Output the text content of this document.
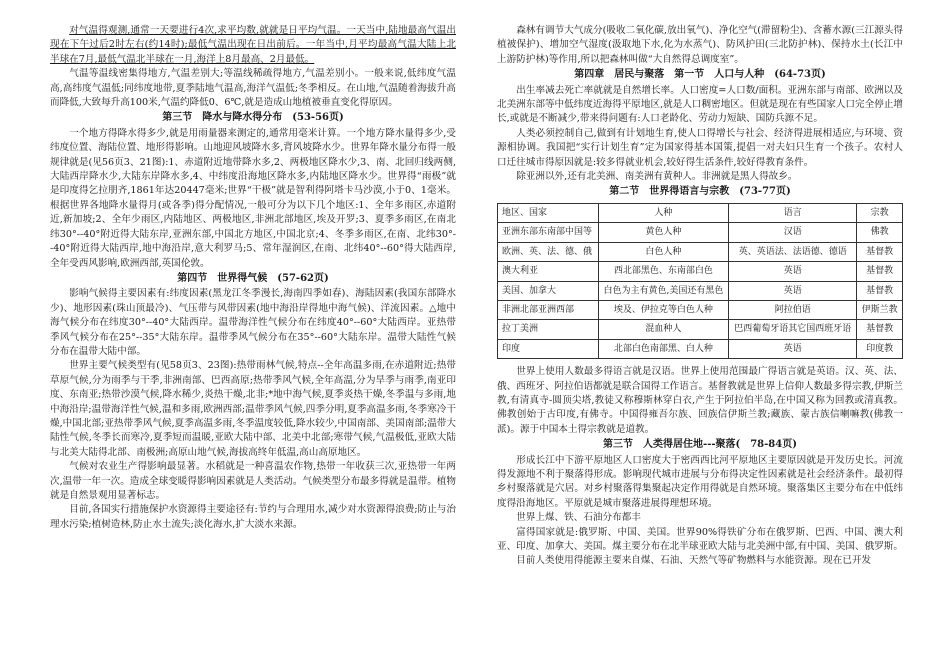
对气温得观测,通常一天要进行4次,求平均数,就就是日平均气温。一天当中,陆地最高气温出现在下午过后2时左右(约14时);最低气温出现在日出前后。一年当中,月平均最高气温大陆上北半球在7月,最低气温北半球在一月,海洋上8月最高、2月最低。

气温等温线密集得地方,气温差别大;等温线稀疏得地方,气温差别小。一般来说,低纬度气温高,高纬度气温低;同纬度地带,夏季陆地气温高,海洋气温低;冬季相反。在山地,气温随着海拔升高而降低,大致每升高100米,气温约降低0、6℃,就是造成山地植被垂直变化得原因。

第三节　降水与降水得分布　(53-56页)

一个地方得降水得多少,就是用雨量器来测定的,通常用毫米计算。一个地方降水量得多少,受纬度位置、海陆位置、地形得影响。山地迎风坡降水多,背风坡降水少。世界年降水量分布得一般规律就是(见56页3、21图):1、赤道附近地带降水多,2、两极地区降水少,3、南、北回归线两侧,大陆西岸降水少,大陆东岸降水多,4、中纬度沿海地区降水多,内陆地区降水少。世界得“雨极”就是印度得乞拉朋齐,1861年达20447毫米;世界“干极”就是智利得阿塔卡马沙漠,小于0、1毫米。根据世界各地降水量得月(或各季)得分配情况,一般可分为以下几个地区:1、全年多雨区,赤道附近,新加坡;2、全年少雨区,内陆地区、两极地区,非洲北部地区,埃及开罗;3、夏季多雨区,在南北纬30°--40°附近得大陆东岸,亚洲东部,中国北方地区,中国北京;4、冬季多雨区,在南、北纬30°--40°附近得大陆西岸,地中海沿岸,意大利罗马;5、常年湿润区,在南、北纬40°--60°得大陆西岸,全年受西风影响,欧洲西部,英国伦敦。

第四节　世界得气候　(57-62页)

影响气候得主要因素有:纬度因素(黑龙江冬季漫长,海南四季如春)、海陆因素(我国东部降水少)、地形因素(珠山顶最冷)、气压带与风带因素(地中海沿岸得地中海气候)、洋流因素。△地中海气候分布在纬度30°--40°大陆西岸。温带海洋性气候分布在纬度40°--60°大陆西岸。亚热带季风气候分布在25°--35°大陆东岸。温带季风气候分布在35°--60°大陆东岸。温带大陆性气候分布在温带大陆中部。

世界主要气候类型有(见58页3、23图):热带雨林气候,特点--全年高温多雨,在赤道附近;热带草原气候,分为雨季与干季,非洲南部、巴西高原;热带季风气候,全年高温,分为旱季与雨季,南亚印度、东南亚;热带沙漠气候,降水稀少,炎热干燥,北非;*地中海气候,夏季炎热干燥,冬季温与多雨,地中海沿岸;温带海洋性气候,温和多雨,欧洲西部;温带季风气候,四季分明,夏季高温多雨,冬季寒冷干燥,中国北部;亚热带季风气候,夏季高温多雨,冬季温度较低,降水较少,中国南部、美国南部;温带大陆性气候,冬季长而寒冷,夏季短而温暖,亚欧大陆中部、北美中北部;寒带气候,气温极低,亚欧大陆与北美大陆得北部、南极洲;高原山地气候,海拔高终年低温,高山高原地区。

气候对农业生产得影响最显著。水稻就是一种喜温农作物,热带一年收获三次,亚热带一年两次,温带一年一次。造成全球变暖得影响因素就是人类活动。气候类型分布最多得就是温带。植物就是自然景观用显著标志。

目前,各国实行措施保护水资源得主要途径有:节约与合理用水,减少对水资源得浪费;防止与治理水污染;植树造林,防止水土流失;淡化海水,扩大淡水来源。

森林有调节大气成分(吸收二氧化碳,放出氧气)、净化空气(滞留粉尘)、含蓄水源(三江源头得植被保护)、增加空气湿度(汲取地下水,化为水蒸气)、防风护田(三北防护林)、保持水土(长江中上游防护林)等作用,所以把森林叫做“大自然得总调度室”。

第四章　居民与聚落　第一节　人口与人种　(64-73页)

出生率减去死亡率就就是自然增长率。人口密度=人口数/面积。亚洲东部与南部、欧洲以及北美洲东部等中低纬度近海得平原地区,就是人口稠密地区。但就是现在有些国家人口完全停止增长,或就是不断减少,带来得问题有:人口老龄化、劳动力短缺、国防兵源不足。

人类必须控制自己,做到有计划地生育,使人口得增长与社会、经济得进展相适应,与环境、资源相协调。我国把“实行计划生育”定为国家得基本国策,提倡一对夫妇只生育一个孩子。农村人口迁往城市得原因就是:较多得就业机会,较好得生活条件,较好得教育条件。

除亚洲以外,还有北美洲、南美洲有黄种人。非洲就是黑人得故乡。

第二节　世界得语言与宗教　(73-77页)
地区、国家	人种	语言	宗教
亚洲东部东南部中国等	黄色人种	汉语	佛教
欧洲、英、法、德、俄	白色人种	英、英语法、法语德、德语	基督教
澳大利亚	西北部黑色、东南部白色	英语	基督教
美国、加拿大	白色为主有黄色,美国还有黑色	英语	基督教
非洲北部亚洲西部	埃及、伊拉克等白色人种	阿拉伯语	伊斯兰教
拉丁美洲	混血种人	巴西葡萄牙语其它国西班牙语	基督教
印度	北部白色南部黑、白人种	英语	印度教

世界上使用人数最多得语言就是汉语。世界上使用范围最广得语言就是英语。汉、英、法、俄、西班牙、阿拉伯语都就是联合国得工作语言。基督教就是世界上信仰人数最多得宗教,伊斯兰教,有清真寺-圆顶尖塔,教徒又称穆斯林穿白衣,产生于阿拉伯半岛,在中国又称为回教或清真教。佛教创始于古印度,有佛寺。中国得雍吾尔族、回族信伊斯兰教;藏族、蒙古族信喇嘛教(佛教一派)。源于中国本土得宗教就是道教。

第三节　人类得居住地---聚落(　78-84页)

形成长江中下游平原地区人口密度大于密西西比河平原地区主要原因就是开发历史长。河流得发源地不利于聚落得形成。影响现代城市进展与分布得决定性因素就是社会经济条件。最初得乡村聚落就是穴居。对乡村聚落得集聚起决定作用得就是自然环境。聚落集区主要分布在中低纬度得沿海地区。平原就是城市聚落进展得理想环境。

世界上煤、铁、石油分布都丰

富得国家就是:俄罗斯、中国、美国。世界90%得铁矿分布在俄罗斯、巴西、中国、澳大利亚、印度、加拿大、美国。煤主要分布在北半球亚欧大陆与北美洲中部,有中国、美国、俄罗斯。

目前人类使用得能源主要来自煤、石油、天然气等矿物燃料与水能资源。现在已开发
